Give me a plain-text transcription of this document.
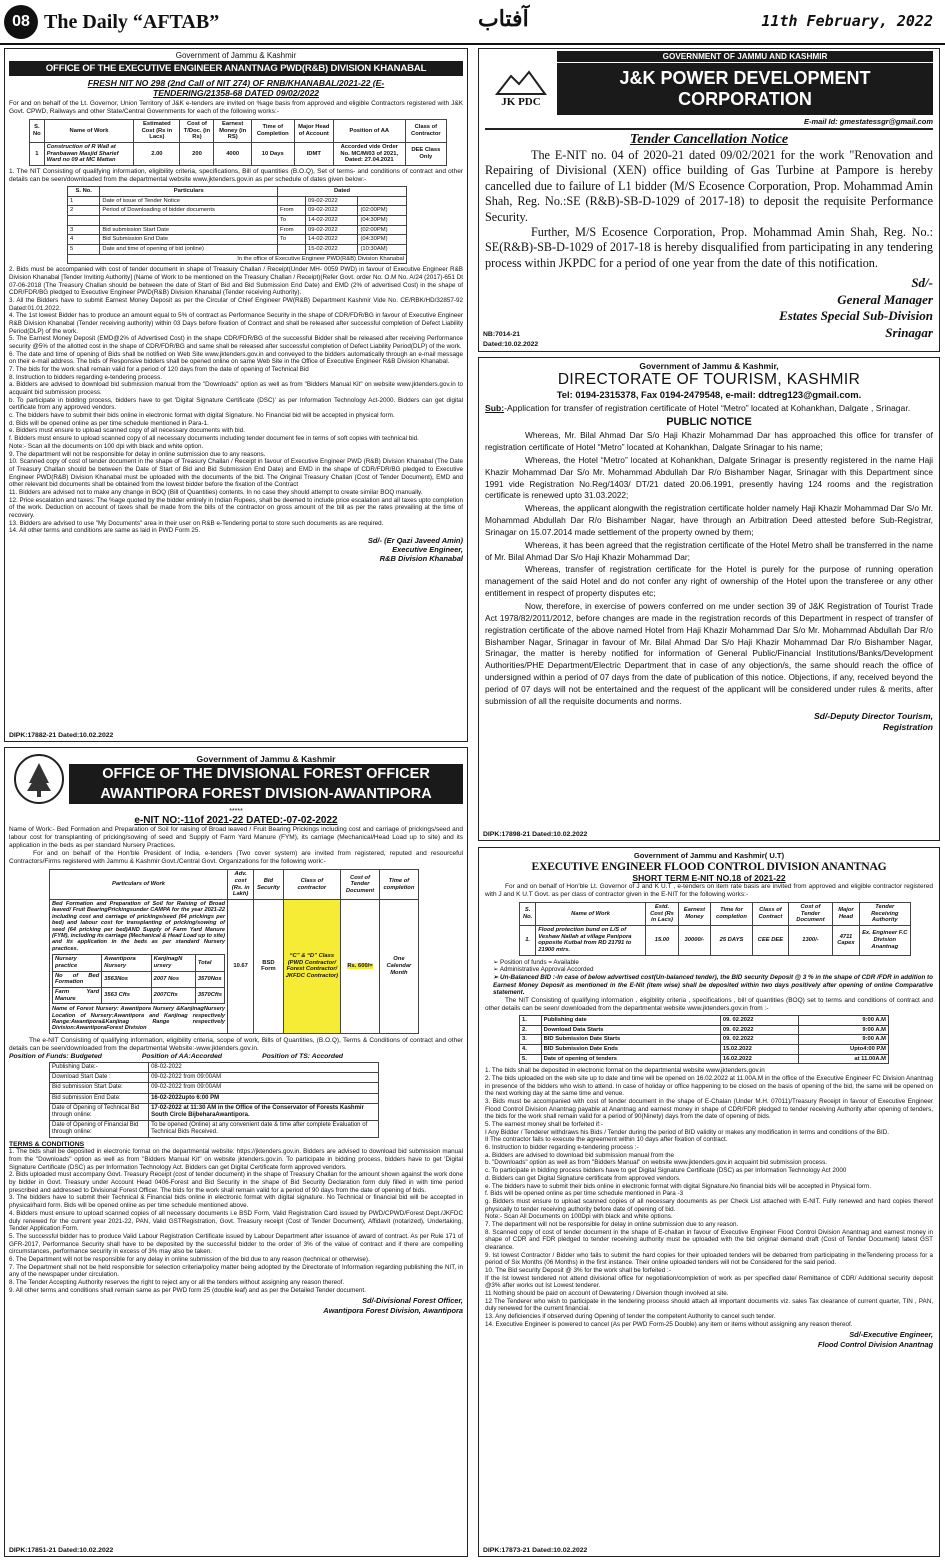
08 The Daily “AFTAB”	آفتاب	11th February, 2022
Government of Jammu & Kashmir
OFFICE OF THE EXECUTIVE ENGINEER ANANTNAG PWD(R&B) DIVISION KHANABAL
FRESH NIT NO 298 (2nd Call of NIT 274) OF RNB/KHANABAL/2021-22 (E-
TENDERING/21358-68 DATED 09/02/2022
For and on behalf of the Lt. Governor, Union Territory of J&K e-tenders are invited on %age basis from approved and eligible Contractors registered with J&K Govt. CPWD, Railways and other State/Central Governments for each of the following works:-
S. No	Name of Work	Estimated Cost (Rs in Lacs)	Cost of T/Doc. (in Rs)	Earnest Money (in RS)	Time of Completion	Major Head of Account	Position of AA	Class of Contractor
1	Construction of R Wall at Pranbawan Masjid Sharief Ward no 09 at MC Mattan	2.00	200	4000	10 Days	IDMT	Accorded vide Order No. MC/M/03 of 2021, Dated: 27.04.2021	DEE Class Only
1. The NIT Consisting of qualifying information, eligibility criteria, specifications, Bill of quantities (B.O.Q), Set of terms- and conditions of contract and other details can be seen/downloaded from the departmental website www.jktenders.gov.in as per schedule of dates given below:-
S. No.	Particulars	Dated		
1	Date of issue of Tender Notice		09-02-2022	
2	Period of Downloading of bidder documents	From	09-02-2022	(02:00PM)
		To	14-02-2022	(04:30PM)
3	Bid submission Start Date	From	09-02-2022	(02:00PM)
4	Bid Submission End Date	To	14-02-2022	(04:30PM)
5	Date and time of opening of bid (online)		15-02-2022	(10:30AM)
In the office of Executive Engineer PWD(R&B) Division Khanabal				
2. Bids must be accompanied with cost of tender document in shape of Treasury Challan / Receipt(Under MH- 0059 PWD) in favour of Executive Engineer R&B Division Khanabal [Tender Inviting Authority] (Name of Work to be mentioned on the Treasury Challan / Receipt)(Refer Govt. order No. O.M No. A/24 (2017)-651 Dt 07-06-2018 (The Treasury Challan should be between the date of Start of Bid and Bid Submission End Date) and EMD (2% of advertised Cost) in the shape of CDR/FDR/BG pledged to Executive Engineer PWD(R&B) Division Khanabal (Tender receiving Authority).
3. All the Bidders have to submit Earnest Money Deposit as per the Circular of Chief Engineer PW(R&B) Department Kashmir Vide No. CE/RBK/HD/32857-92 Dated:01.01.2022.
4. The 1st lowest Bidder has to produce an amount equal to 5% of contract as Performance Security in the shape of CDR/FDR/BG in favour of Executive Engineer R&B Division Khanabal (Tender receiving authority) within 03 Days before fixation of Contract and shall be released after successful completion of Defect Liability Period(DLP) of the work.
5. The Earnest Money Deposit (EMD@2% of Advertised Cost) in the shape CDR/FDR/BG of the successful Bidder shall be released after receiving Performance security @5% of the allotted cost in the shape of CDR/FDR/BG and same shall be released after successful completion of Defect Liability Period(DLP) of the work.
6. The date and time of opening of Bids shall be notified on Web Site www.jktenders.gov.in and conveyed to the bidders automatically through an e-mail message on their e-mail address. The bids of Responsive bidders shall be opened online on same Web Site in the Office of Executive Engineer R&B Division Khanabal.
7. The bids for the work shall remain valid for a period of 120 days from the date of opening of Technical Bid
8. Instruction to bidders regarding e-tendering process.
a. Bidders are advised to download bid submission manual from the "Downloads" option as well as from "Bidders Manual Kit" on website www.jktenders.gov.in to acquaint bid submission process.
b. To participate in bidding process, bidders have to get 'Digital Signature Certificate (DSC)' as per Information Technology Act-2000. Bidders can get digital certificate from any approved vendors.
c. The bidders have to submit their bids online in electronic format with digital Signature. No Financial bid will be accepted in physical form.
d. Bids will be opened online as per time schedule mentioned in Para-1.
e. Bidders must ensure to upload scanned copy of all necessary documents with bid.
f. Bidders must ensure to upload scanned copy of all necessary documents including tender document fee in terms of soft copies with technical bid.
Note:- Scan all the documents on 100 dpi with black and white option.
9. The department will not be responsible for delay in online submission due to any reasons.
10. Scanned copy of cost of tender document in the shape of Treasury Challan / Receipt in favour of Executive Engineer PWD (R&B) Division Khanabal (The Date of Treasury Challan should be between the Date of Start of Bid and Bid Submission End Date) and EMD in the shape of CDR/FDR/BG pledged to Executive Engineer PWD(R&B) Division Khanabal must be uploaded with the documents of the bid. The Original Treasury Challan (Cost of Tender Document), EMD and other relevant bid documents shall be obtained from the lowest bidder before the fixation of the Contract
11. Bidders are advised not to make any change in BOQ (Bill of Quantities) contents. In no case they should attempt to create similar BOQ manually.
12. Price escalation and taxes: The %age quoted by the bidder entirely in Indian Rupees, shall be deemed to include price escalation and all taxes upto completion of the work. Deduction on account of taxes shall be made from the bills of the contractor on gross amount of the bill as per the rates prevailing at the time of recovery.
13. Bidders are advised to use "My Documents" area in their user on R&B e-Tendering portal to store such documents as are required.
14. All other terms and conditions are same as laid in PWD Form 25.
Sd/- (Er Qazi Javeed Amin)
Executive Engineer,
R&B Division Khanabal
DIPK:17882-21 Dated:10.02.2022
JK PDC
GOVERNMENT OF JAMMU AND KASHMIR
J&K POWER DEVELOPMENT CORPORATION
E-mail Id: gmestatessgr@gmail.com
Tender Cancellation Notice
The E-NIT no. 04 of 2020-21 dated 09/02/2021 for the work "Renovation and Repairing of Divisional (XEN) office building of Gas Turbine at Pampore is hereby cancelled due to failure of L1 bidder (M/S Ecosence Corporation, Prop. Mohammad Amin Shah, Reg. No.:SE (R&B)-SB-D-1029 of 2017-18) to deposit the requisite Performance Security.
Further, M/S Ecosence Corporation, Prop. Mohammad Amin Shah, Reg. No.: SE(R&B)-SB-D-1029 of 2017-18 is hereby disqualified from participating in any tendering process within JKPDC for a period of one year from the date of this notification.
Sd/-
General Manager
Estates Special Sub-Division
Srinagar
NB:7014-21
Dated:10.02.2022
Government of Jammu & Kashmir,
DIRECTORATE OF TOURISM, KASHMIR
Tel: 0194-2315378, Fax 0194-2479548, e-mail: ddtreg123@gmail.com.
Sub:-Application for transfer of registration certificate of Hotel “Metro” located at Kohankhan, Dalgate , Srinagar.
PUBLIC NOTICE
Whereas, Mr. Bilal Ahmad Dar S/o Haji Khazir Mohammad Dar has approached this office for transfer of registration certificate of Hotel “Metro” located at Kohankhan, Dalgate Srinagar to his name;
Whereas, the Hotel “Metro” located at Kohankhan, Dalgate Srinagar is presently registered in the name Haji Khazir Mohammad Dar S/o Mr. Mohammad Abdullah Dar R/o Bishamber Nagar, Srinagar with this Department since 1991 vide Registration No.Reg/1403/ DT/21 dated 20.06.1991, presently having 124 rooms and the registration certificate is renewed upto 31.03.2022;
Whereas, the applicant alongwith the registration certificate holder namely Haji Khazir Mohammad Dar S/o Mr. Mohammad Abdullah Dar R/o Bishamber Nagar, have through an Arbitration Deed attested before Sub-Registrar, Srinagar on 15.07.2014 made settlement of the property owned by them;
Whereas, it has been agreed that the registration certificate of the Hotel Metro shall be transferred in the name of Mr. Bilal Ahmad Dar S/o Haji Khazir Mohammad Dar;
Whereas, transfer of registration certificate for the Hotel is purely for the purpose of running operation management of the said Hotel and do not confer any right of ownership of the Hotel upon the transferee or any other entitlement in respect of property disputes etc;
Now, therefore, in exercise of powers conferred on me under section 39 of J&K Registration of Tourist Trade Act 1978/82/2011/2012, before changes are made in the registration records of this Department in respect of transfer of registration certificate of the above named Hotel from Haji Khazir Mohammad Dar S/o Mr. Mohammad Abdullah Dar R/o Bishamber Nagar, Srinagar in favour of Mr. Bilal Ahmad Dar S/o Haji Khazir Mohammad Dar R/o Bishamber Nagar, Srinagar, the matter is hereby notified for information of General Public/Financial Institutions/Banks/Development Authorities/PHE Department/Electric Department that in case of any objection/s, the same should reach the office of undersigned within a period of 07 days from the date of publication of this notice. Objections, if any, received beyond the period of 07 days will not be entertained and the request of the applicant will be considered under rules & merits, after submission of all the requisite documents and norms.
Sd/-Deputy Director Tourism,
Registration
DIPK:17898-21 Dated:10.02.2022
Government of Jammu & Kashmir
OFFICE OF THE DIVISIONAL FOREST OFFICER
AWANTIPORA FOREST DIVISION-AWANTIPORA
*****
e-NIT NO:-11of 2021-22 DATED:-07-02-2022
Name of Work:- Bed Formation and Preparation of Soil for raising of Broad leaved / Fruit Bearing Prickings including cost and carriage of prickings/seed and labour cost for transplanting of pricking/sowing of seed and Supply of Farm Yard Manure (FYM), its carriage (Mechanical/Head Load up to site) and its application in the beds as per standard Nursery Practices.
For and on behalf of the Hon'ble President of India, e-tenders (Two cover system) are invited from registered, reputed and resourceful Contractors/Firms registered with Jammu & Kashmir Govt./Central Govt. Organizations for the following work:-
Particulars of Work	Adv. cost (Rs. in Lakh)	Bid Security	Class of contractor	Cost of Tender Document	Time of completion

Bed Formation and Preparation of Soil for Raising of Broad leaved/ Fruit BearingPrickingsunder CAMPA for the year 2021-22 including cost and carriage of prickings/seed (64 prickings per bed) and labour cost for transplanting of pricking/sowing of seed (64 pricking per bed)AND Supply of Farm Yard Manure (FYM), including its carriage (Mechanical & Head Load up to site) and its application in the beds as per standard Nursery practices.
Nursery practice	Awantipora Nursery	KanjinagN ursery	Total
No of Bed Formation	3563Nos	2007 Nos	3570Nos
Farm Yard Manure	3563 Cfts	2007Cfts	3570Cfts
Name of Forest Nursery: Awantipora Nursery &KanjinagNursery Location of Nursery:Awantipora and Kanjinag respectively Range:Awantipora&Kanjinag Range respectively Division:AwantiporaForest Division
	10.67	BSD Form	“C” & “D” Class (PWD Contractor/ Forest Contractor/ JKFDC Contractor)	Rs. 600/=	One Calendar Month
The e-NIT Consisting of qualifying information, eligibility criteria, scope of work, Bills of Quantities, (B.O.Q), Terms & Conditions of contract and other details can be seen/downloaded from the departmental Website:-www.jktenders.gov.in.
Position of Funds: Budgeted	Position of AA:Accorded	Position of TS: Accorded
Publishing Date:-	08-02-2022
Download Start Date :	09-02-2022 from 09:00AM
Bid submission Start Date:	09-02-2022 from 09:00AM
Bid submission End Date:	16-02-2022upto 6:00 PM
Date of Opening of Technical Bid through online:	17-02-2022 at 11:30 AM in the Office of the Conservator of Forests Kashmir South Circle BijbeharaAwantipora.
Date of Opening of Financial Bid through online:	To be opened (Online) at any convenient date & time after complete Evaluation of Technical Bids Received.
TERMS & CONDITIONS
1. The bids shall be deposited in electronic format on the departmental website: https://jktenders.gov.in. Bidders are advised to download bid submission manual from the "Downloads" option as well as from "Bidders Manual Kit" on website jktenders.gov.in. To participate in bidding process, bidders have to get 'Digital Signature Certificate (DSC) as per Information Technology Act. Bidders can get Digital Certificate form approved vendors.
2. Bids uploaded must accompany Govt. Treasury Receipt (cost of tender document) in the shape of Treasury Challan for the amount shown against the work done by bidder in Govt. Treasury under Account Head 0406-Forest and Bid Security in the shape of Bid Security Declaration form duly filled in with time period prescribed and addressed to Divisional Forest Officer. The bids for the work shall remain valid for a period of 90 days from the date of opening of bids.
3. The bidders have to submit their Technical & Financial bids online in electronic format with digital signature. No Technical or financial bid will be accepted in physical/hard form. Bids will be opened online as per time schedule mentioned above.
4. Bidders must ensure to upload scanned copies of all necessary documents i.e BSD Form, Valid Registration Card issued by PWD/CPWD/Forest Dept./JKFDC duly renewed for the current year 2021-22, PAN, Valid GSTRegistration, Govt. Treasury receipt (Cost of Tender Document), Affidavit (notarized), Undertaking, Tender Application Form.
5. The successful bidder has to produce Valid Labour Registration Certificate issued by Labour Department after issuance of award of contract. As per Rule 171 of GFR-2017, Performance Security shall have to be deposited by the successful bidder to the order of 3% of the value of contract and if there are compelling circumstances, performance security in excess of 3% may also be taken.
6. The Department will not be responsible for any delay in online submission of the bid due to any reason (technical or otherwise).
7. The Department shall not be held responsible for selection criteria/policy matter being adopted by the Directorate of Information regarding publishing the NIT, in any of the newspaper under circulation.
8. The Tender Accepting Authority reserves the right to reject any or all the tenders without assigning any reason thereof.
9. All other terms and conditions shall remain same as per PWD form 25 (double leaf) and as per the Detailed Tender document.
Sd/-Divisional Forest Officer,
Awantipora Forest Division, Awantipora
DIPK:17851-21 Dated:10.02.2022
Government of Jammu and Kashmir( U.T)
EXECUTIVE ENGINEER FLOOD CONTROL DIVISION ANANTNAG
SHORT TERM E-NIT NO.18 of 2021-22
For and on behalf of Hon'ble Lt. Governor of J and K U.T , e-tenders on item rate basis are invited from approved and eligible contractor registered with J and K U.T Govt. as per class of contractor given in the E-NIT for the following works:-
S. No.	Name of Work	Estd. Cost (Rs in Lacs)	Earnest Money	Time for completion	Class of Contract	Cost of Tender Document	Major Head	Tender Receiving Authority
1.	Flood protection bund on L/S of Veshaw Nallah at village Panipora opposite Kutbal from RD 21791 to 21900 mtrs.	15.00	30000/-	25 DAYS	CEE DEE	1300/-	4711 Capex	Ex. Engineer F.C Division Anantnag
➢ Position of funds = Available
➢ Administrative Approval Accorded
➢ Un-Balanced BID :-In case of below advertised cost(Un-balanced tender), the BID security Deposit @ 3 % in the shape of CDR /FDR in addition to Earnest Money Deposit as mentioned in the E-Nit (item wise) shall be deposited within two days positively after opening of online Comparative statement.
The NIT Consisting of qualifying information , eligibility criteria , specifications , bill of quantities (BOQ) set to terms and conditions of contract and other details can be seen/ downloaded from the departmental website www.jktenders.gov.in from :-
1.	Publishing date	09. 02.2022	9:00 A.M
2.	Download Data Starts	09. 02.2022	9:00 A.M
3.	BID Submission Date Starts	09. 02.2022	9:00 A.M
4.	BID Submission Date Ends	15.02.2022	Upto4:00 P.M
5.	Date of opening of tenders	16.02.2022	at 11.00A.M
1. The bids shall be deposited in electronic format on the departmental website www.jktenders.gov.in
2. The bids uploaded on the web site up to date and time will be opened on 16.02.2022 at 11.00A.M in the office of the Executive Engineer FC Division Anantnag in presence of the bidders who wish to attend. In case of holiday or office happening to be closed on the basis of opening of the bid, the same will be opened on the next working day at the same time and venue.
3. Bids must be accompanied with cost of tender document in the shape of E-Chalan (Under M.H. 07011)/Treasury Receipt in favour of Executive Engineer Flood Control Division Anantnag payable at Anantnag and earnest money in shape of CDR/FDR pledged to tender receiving Authority after opening of tenders, the bids for the work shall remain valid for a period of 90(Ninety) days from the date of opening of bids.
5. The earnest money shall be forfeited if:-
I Any Bidder / Tenderer withdraws his Bids / Tender during the period of BID validity or makes any modification in terms and conditions of the BID.
II The contractor fails to execute the agreement within 10 days after fixation of contract.
6. Instruction to bidder regarding e-tendering process :-
a. Bidders are advised to download bid submission manual from the
b. "Downloads" option as well as from "Bidders Manual" on website www.jktenders.gov.in acquaint bid submission process.
c. To participate in bidding process bidders have to get Digital Signature Certificate (DSC) as per Information Technology Act 2000
d. Bidders can get Digital Signature certificate from approved vendors.
e. The bidders have to submit their bids online in electronic format with digital Signature.No financial bids will be accepted in Physical form.
f. Bids will be opened online as per time schedule mentioned in Para -3
g. Bidders must ensure to upload scanned copies of all necessary documents as per Check List attached with E-NIT. Fully renewed and hard copies thereof physically to tender receiving authority before date of opening of bid.
Note:- Scan All Documents on 100Dpi with black and white options.
7. The department will not be responsible for delay in online submission due to any reason.
8. Scanned copy of cost of tender document in the shape of E-challan in favour of Executive Engineer Flood Control Division Anantnag and earnest money in shape of CDR and FDR pledged to tender receiving authority must be uploaded with the bid original demand draft (Cost of Tender Document) latest GST clearance.
9. Ist lowest Contractor / Bidder who fails to submit the hard copies for their uploaded tenders will be debarred from participating in theTendering process for a period of Six Months (06 Months) in the first instance. Their online uploaded tenders will not be Considered for the said period.
10. The Bid security Deposit @ 3% for the work shall be forfeited :-
If the Ist lowest tendered not attend divisional office for negotiation/completion of work as per specified date/ Remittance of CDR/ Additional security deposit @3% after works out Ist Lowest tenderer.
11 Nothing should be paid on account of Dewatering / Diversion though involved at site.
12 The Tenderer who wish to participate in the tendering process should attach all important documents viz. sales Tax clearance of current quarter, TIN , PAN, duly renewed for the current financial.
13. Any deficiencies if observed during Opening of tender the competent Authority to cancel such tender.
14. Executive Engineer is powered to cancel (As per PWD Form-25 Double) any item or items without assigning any reason thereof.
Sd/-Executive Engineer,
Flood Control Division Anantnag
DIPK:17873-21 Dated:10.02.2022
